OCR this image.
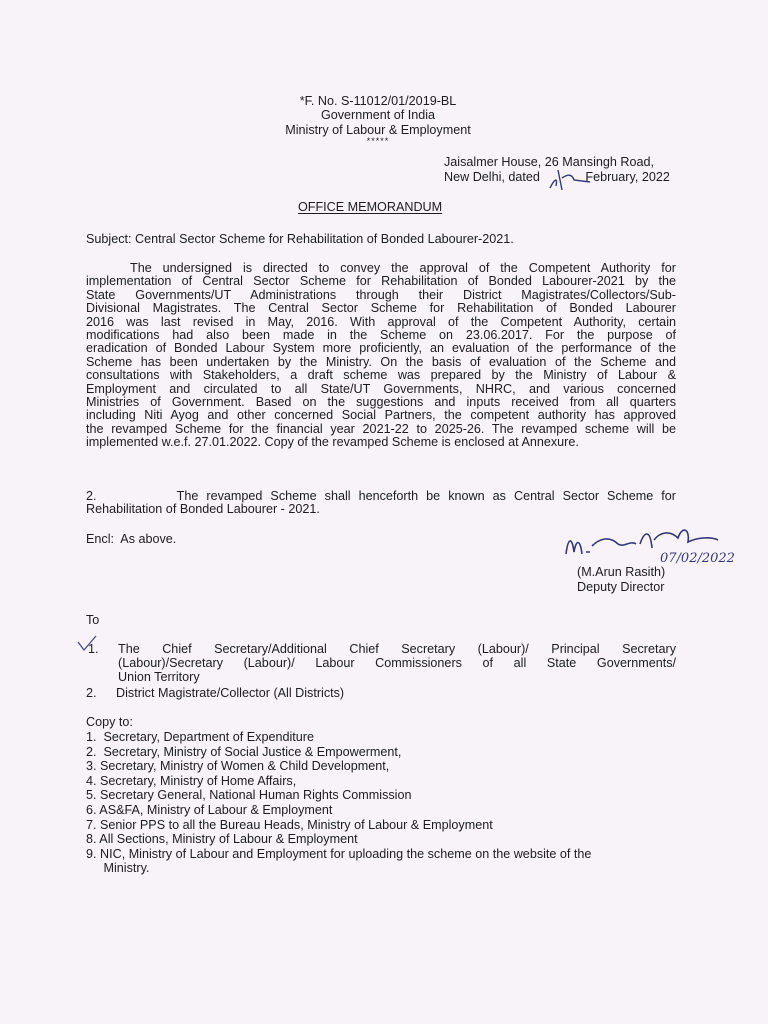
*F. No. S-11012/01/2019-BL
Government of India
Ministry of Labour & Employment
*****
Jaisalmer House, 26 Mansingh Road,
New Delhi, dated	February, 2022
OFFICE MEMORANDUM
Subject: Central Sector Scheme for Rehabilitation of Bonded Labourer-2021.
The undersigned is directed to convey the approval of the Competent Authority for
implementation of Central Sector Scheme for Rehabilitation of Bonded Labourer-2021 by the
State Governments/UT Administrations through their District Magistrates/Collectors/Sub-
Divisional Magistrates. The Central Sector Scheme for Rehabilitation of Bonded Labourer
2016 was last revised in May, 2016. With approval of the Competent Authority, certain
modifications had also been made in the Scheme on 23.06.2017. For the purpose of
eradication of Bonded Labour System more proficiently, an evaluation of the performance of the
Scheme has been undertaken by the Ministry. On the basis of evaluation of the Scheme and
consultations with Stakeholders, a draft scheme was prepared by the Ministry of Labour &
Employment and circulated to all State/UT Governments, NHRC, and various concerned
Ministries of Government. Based on the suggestions and inputs received from all quarters
including Niti Ayog and other concerned Social Partners, the competent authority has approved
the revamped Scheme for the financial year 2021-22 to 2025-26. The revamped scheme will be
implemented w.e.f. 27.01.2022. Copy of the revamped Scheme is enclosed at Annexure.
2.          The revamped Scheme shall henceforth be known as Central Sector Scheme for
Rehabilitation of Bonded Labourer - 2021.
Encl:  As above.
07/02/2022
(M.Arun Rasith)
Deputy Director
To
1.	The  Chief  Secretary/Additional  Chief  Secretary  (Labour)/  Principal  Secretary
(Labour)/Secretary  (Labour)/  Labour  Commissioners  of  all  State  Governments/
Union Territory
2.	District Magistrate/Collector (All Districts)
Copy to:
1.  Secretary, Department of Expenditure
2.  Secretary, Ministry of Social Justice & Empowerment,
3. Secretary, Ministry of Women & Child Development,
4. Secretary, Ministry of Home Affairs,
5. Secretary General, National Human Rights Commission
6. AS&FA, Ministry of Labour & Employment
7. Senior PPS to all the Bureau Heads, Ministry of Labour & Employment
8. All Sections, Ministry of Labour & Employment
9. NIC, Ministry of Labour and Employment for uploading the scheme on the website of the
Ministry.
